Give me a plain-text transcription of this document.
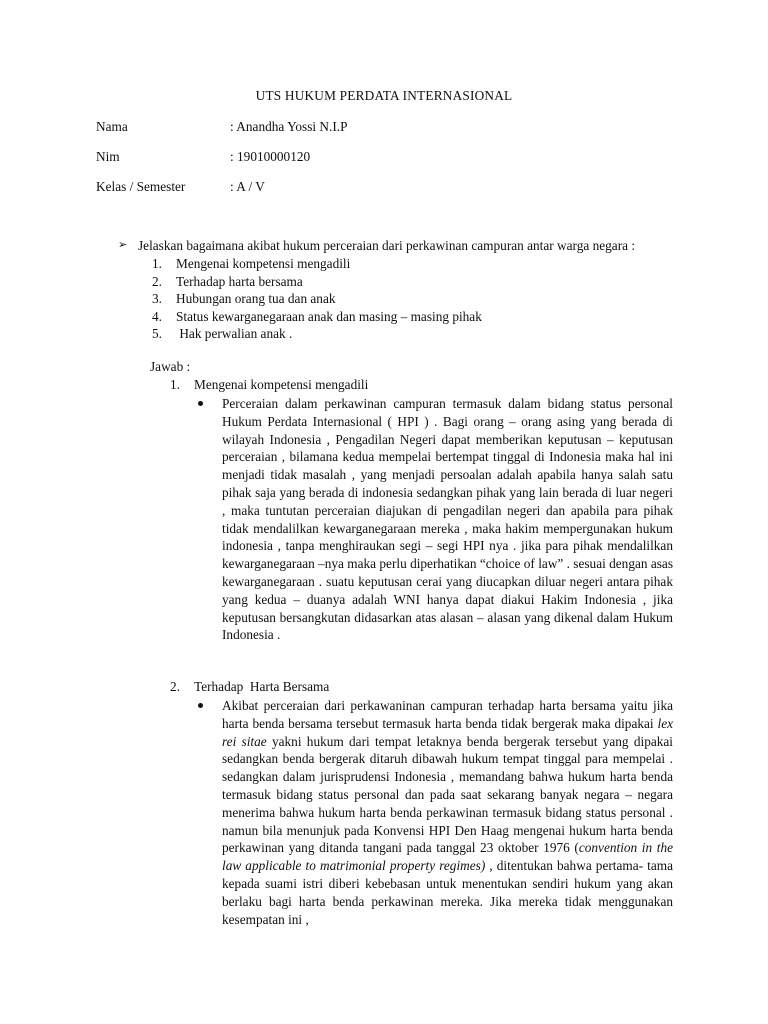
UTS HUKUM PERDATA INTERNASIONAL
Nama	: Anandha Yossi N.I.P
Nim	: 19010000120
Kelas / Semester	: A / V
➢ Jelaskan bagaimana akibat hukum perceraian dari perkawinan campuran antar warga negara :
1. Mengenai kompetensi mengadili
2. Terhadap harta bersama
3. Hubungan orang tua dan anak
4. Status kewarganegaraan anak dan masing – masing pihak
5. Hak perwalian anak .
Jawab :
1. Mengenai kompetensi mengadili
Perceraian dalam perkawinan campuran termasuk dalam bidang status personal Hukum Perdata Internasional ( HPI ) . Bagi orang – orang asing yang berada di wilayah Indonesia , Pengadilan Negeri dapat memberikan keputusan – keputusan perceraian , bilamana kedua mempelai bertempat tinggal di Indonesia maka hal ini menjadi tidak masalah , yang menjadi persoalan adalah apabila hanya salah satu pihak saja yang berada di indonesia sedangkan pihak yang lain berada di luar negeri , maka tuntutan perceraian diajukan di pengadilan negeri dan apabila para pihak tidak mendalilkan kewarganegaraan mereka , maka hakim mempergunakan hukum indonesia , tanpa menghiraukan segi – segi HPI nya . jika para pihak mendalilkan kewarganegaraan –nya maka perlu diperhatikan “choice of law” . sesuai dengan asas kewarganegaraan . suatu keputusan cerai yang diucapkan diluar negeri antara pihak yang kedua – duanya adalah WNI hanya dapat diakui Hakim Indonesia , jika keputusan bersangkutan didasarkan atas alasan – alasan yang dikenal dalam Hukum Indonesia .
2. Terhadap  Harta Bersama
Akibat perceraian dari perkawaninan campuran terhadap harta bersama yaitu jika harta benda bersama tersebut termasuk harta benda tidak bergerak maka dipakai lex rei sitae yakni hukum dari tempat letaknya benda bergerak tersebut yang dipakai sedangkan benda bergerak ditaruh dibawah hukum tempat tinggal para mempelai . sedangkan dalam jurisprudensi Indonesia , memandang bahwa hukum harta benda termasuk bidang status personal dan pada saat sekarang banyak negara – negara menerima bahwa hukum harta benda perkawinan termasuk bidang status personal . namun bila menunjuk pada Konvensi HPI Den Haag mengenai hukum harta benda perkawinan yang ditanda tangani pada tanggal 23 oktober 1976 (convention in the law applicable to matrimonial property regimes) , ditentukan bahwa pertama- tama kepada suami istri diberi kebebasan untuk menentukan sendiri hukum yang akan berlaku bagi harta benda perkawinan mereka. Jika mereka tidak menggunakan kesempatan ini ,
